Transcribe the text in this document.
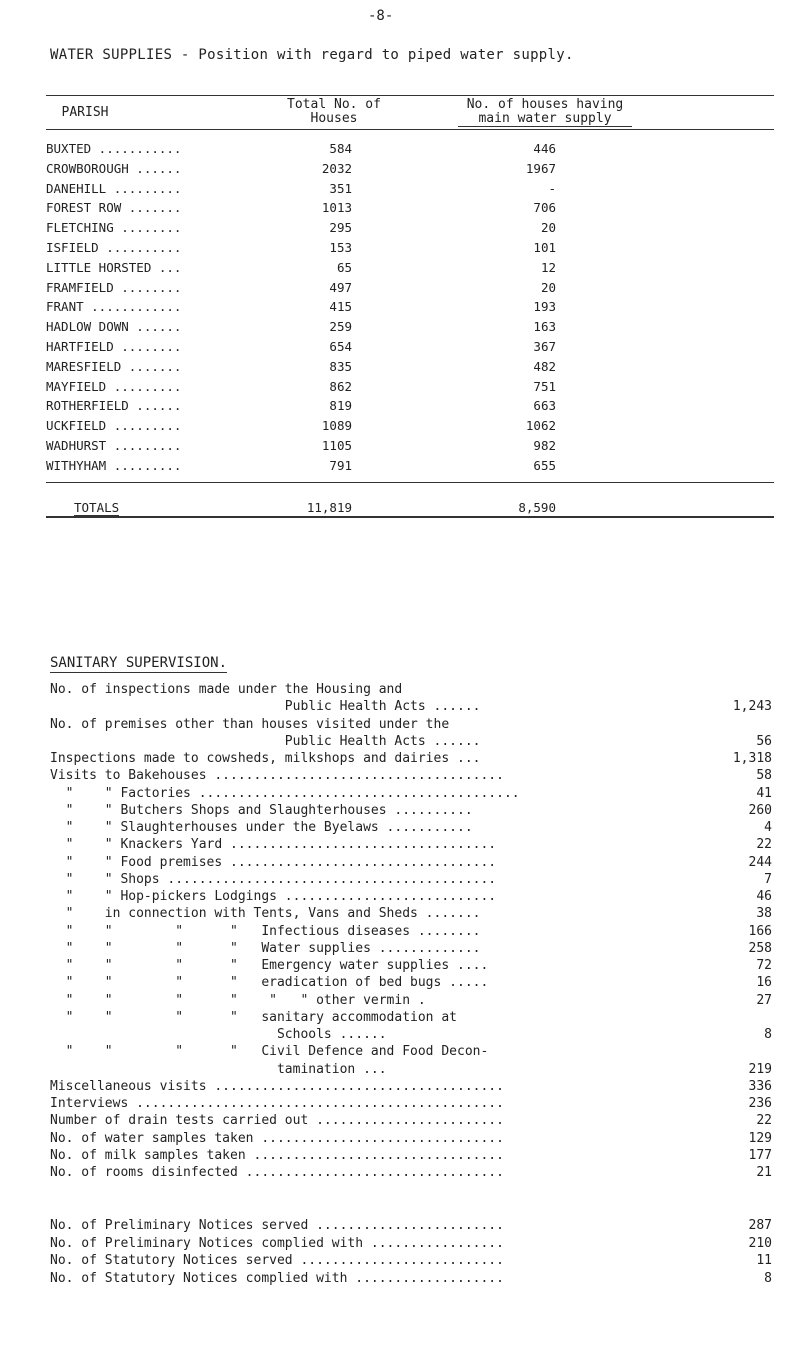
-8-
WATER SUPPLIES - Position with regard to piped water supply.
PARISH
Total No. of
Houses
No. of houses having
main water supply
BUXTED ...........	584	446
CROWBOROUGH ......	2032	1967
DANEHILL .........	351	-
FOREST ROW .......	1013	706
FLETCHING ........	295	20
ISFIELD ..........	153	101
LITTLE HORSTED ...	65	12
FRAMFIELD ........	497	20
FRANT ............	415	193
HADLOW DOWN ......	259	163
HARTFIELD ........	654	367
MARESFIELD .......	835	482
MAYFIELD .........	862	751
ROTHERFIELD ......	819	663
UCKFIELD .........	1089	1062
WADHURST .........	1105	982
WITHYHAM .........	791	655
TOTALS	11,819	8,590
SANITARY SUPERVISION.
No. of inspections made under the Housing and
Public Health Acts ......	1,243
No. of premises other than houses visited under the
Public Health Acts ......	56
Inspections made to cowsheds, milkshops and dairies ...	1,318
Visits to Bakehouses .....................................	58
"    " Factories .........................................	41
"    " Butchers Shops and Slaughterhouses ..........	260
"    " Slaughterhouses under the Byelaws ...........	4
"    " Knackers Yard ..................................	22
"    " Food premises ..................................	244
"    " Shops ..........................................	7
"    " Hop-pickers Lodgings ...........................	46
"    in connection with Tents, Vans and Sheds .......	38
"    "        "      "   Infectious diseases ........	166
"    "        "      "   Water supplies .............	258
"    "        "      "   Emergency water supplies ....	72
"    "        "      "   eradication of bed bugs .....	16
"    "        "      "    "   " other vermin .	27
"    "        "      "   sanitary accommodation at
Schools ......	8
"    "        "      "   Civil Defence and Food Decon-
tamination ...	219
Miscellaneous visits .....................................	336
Interviews ...............................................	236
Number of drain tests carried out ........................	22
No. of water samples taken ...............................	129
No. of milk samples taken ................................	177
No. of rooms disinfected .................................	21
No. of Preliminary Notices served ........................	287
No. of Preliminary Notices complied with .................	210
No. of Statutory Notices served ..........................	11
No. of Statutory Notices complied with ...................	8
